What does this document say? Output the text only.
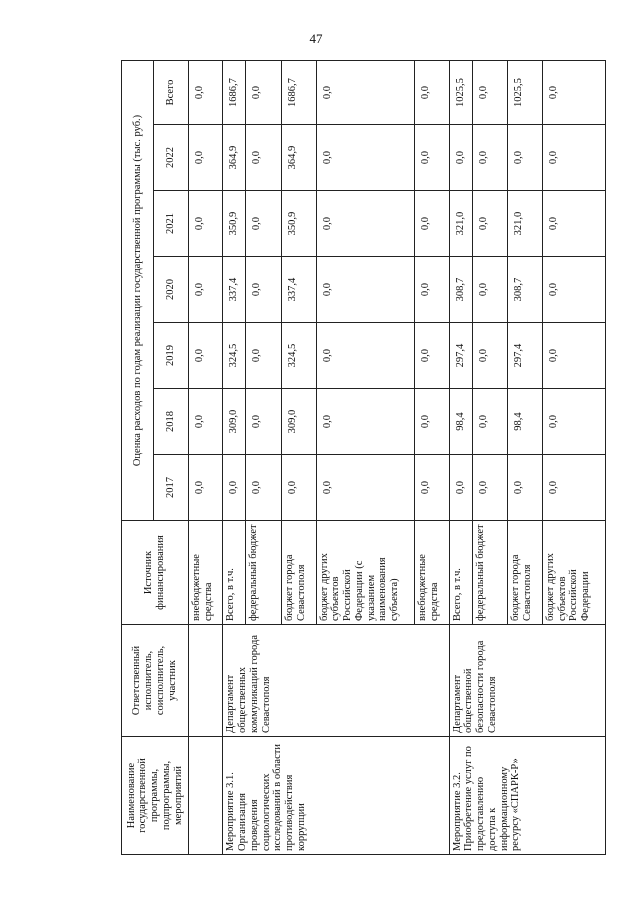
47
Наименование государственной программы, подпрограммы, мероприятий	Ответственный исполнитель, соисполнитель, участник	Источник финансирования	Оценка расходов по годам реализации государственной программы (тыс. руб.)						
			2017	2018	2019	2020	2021	2022	Всего
		внебюджетные средства	0,0	0,0	0,0	0,0	0,0	0,0	0,0
Мероприятие 3.1. Организация проведения социологических исследований в области противодействия коррупции	Департамент общественных коммуникаций города Севастополя	Всего, в т.ч.	0,0	309,0	324,5	337,4	350,9	364,9	1686,7
		федеральный бюджет	0,0	0,0	0,0	0,0	0,0	0,0	0,0
		бюджет города Севастополя	0,0	309,0	324,5	337,4	350,9	364,9	1686,7
		бюджет других субъектов Российской Федерации (с указанием наименования субъекта)	0,0	0,0	0,0	0,0	0,0	0,0	0,0
		внебюджетные средства	0,0	0,0	0,0	0,0	0,0	0,0	0,0
Мероприятие 3.2. Приобретение услуг по предоставлению доступа к информационному ресурсу «СПАРК-Р»	Департамент общественной безопасности города Севастополя	Всего, в т.ч.	0,0	98,4	297,4	308,7	321,0	0,0	1025,5
		федеральный бюджет	0,0	0,0	0,0	0,0	0,0	0,0	0,0
		бюджет города Севастополя	0,0	98,4	297,4	308,7	321,0	0,0	1025,5
		бюджет других субъектов Российской Федерации	0,0	0,0	0,0	0,0	0,0	0,0	0,0
